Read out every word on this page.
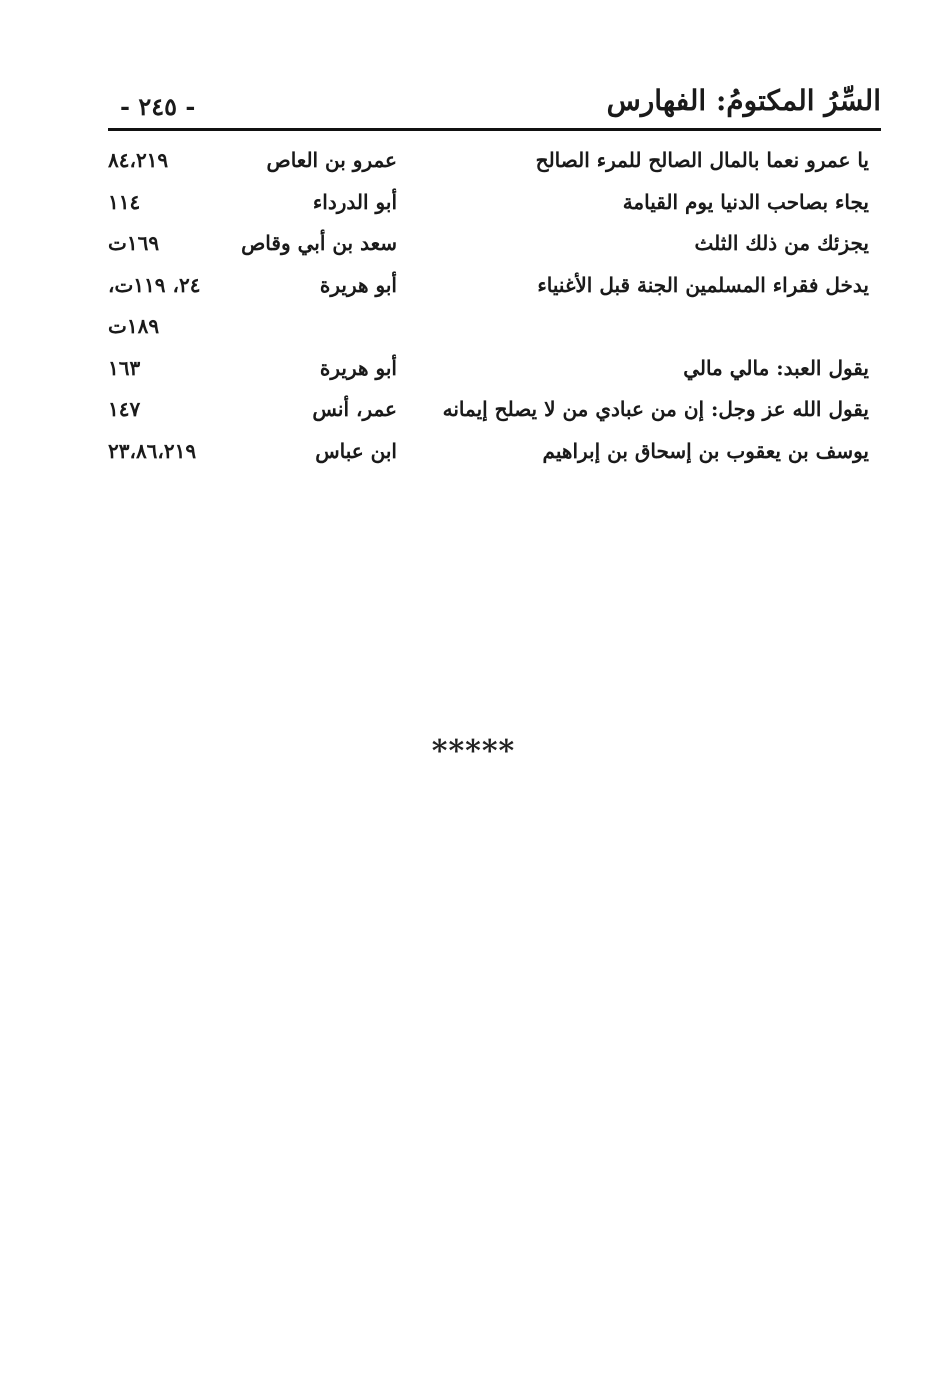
- ٢٤٥ -	السِّرُ المكتومُ: الفهارس
يا عمرو نعما بالمال الصالح للمرء الصالح
عمرو بن العاص
٨٤،٢١٩
يجاء بصاحب الدنيا يوم القيامة
أبو الدرداء
١١٤
يجزئك من ذلك الثلث
سعد بن أبي وقاص
١٦٩ت
يدخل فقراء المسلمين الجنة قبل الأغنياء
أبو هريرة
٢٤، ١١٩ت،
١٨٩ت
يقول العبد: مالي مالي
أبو هريرة
١٦٣
يقول الله عز وجل: إن من عبادي من لا يصلح إيمانه
عمر، أنس
١٤٧
يوسف بن يعقوب بن إسحاق بن إبراهيم
ابن عباس
٢٣،٨٦،٢١٩
*****
